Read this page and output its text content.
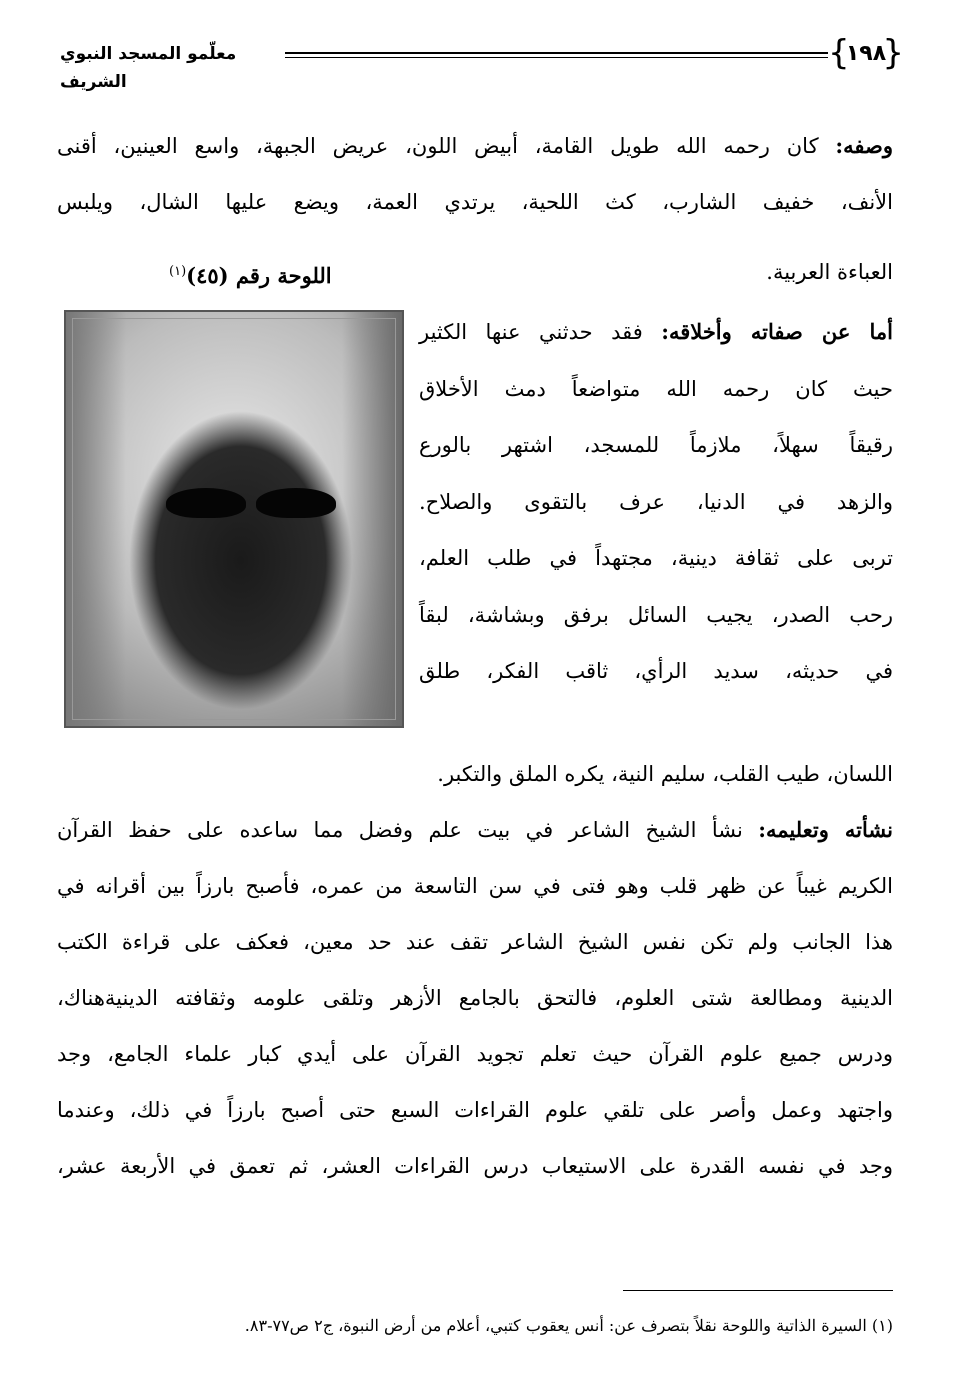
{
١٩٨
}
معلّمو المسجد النبوي الشريف
وصفه: كان رحمه الله طويل القامة، أبيض اللون، عريض الجبهة، واسع العينين، أقنى
الأنف، خفيف الشارب، كث اللحية، يرتدي العمة، ويضع عليها الشال، ويلبس
العباءة العربية.
اللوحة رقم (٤٥)$^{(١)}$
أما عن صفاته وأخلاقه: فقد حدثني عنها الكثير
حيث كان رحمه الله متواضعاً دمث الأخلاق
رقيقاً سهلاً، ملازماً للمسجد، اشتهر بالورع
والزهد في الدنيا، عرف بالتقوى والصلاح.
تربى على ثقافة دينية، مجتهداً في طلب العلم،
رحب الصدر، يجيب السائل برفق وبشاشة، لبقاً
في حديثه، سديد الرأي، ثاقب الفكر، طلق
اللسان، طيب القلب، سليم النية، يكره الملق والتكبر.
نشأته وتعليمه: نشأ الشيخ الشاعر في بيت علم وفضل مما ساعده على حفظ القرآن
الكريم غيباً عن ظهر قلب وهو فتى في سن التاسعة من عمره، فأصبح بارزاً بين أقرانه في
هذا الجانب ولم تكن نفس الشيخ الشاعر تقف عند حد معين، فعكف على قراءة الكتب
الدينية ومطالعة شتى العلوم، فالتحق بالجامع الأزهر وتلقى علومه وثقافته الدينيةهناك،
ودرس جميع علوم القرآن حيث تعلم تجويد القرآن على أيدي كبار علماء الجامع، وجد
واجتهد وعمل وأصر على تلقي علوم القراءات السبع حتى أصبح بارزاً في ذلك، وعندما
وجد في نفسه القدرة على الاستيعاب درس القراءات العشر، ثم تعمق في الأربعة عشر،
(١) السيرة الذاتية واللوحة نقلاً بتصرف عن: أنس يعقوب كتبي، أعلام من أرض النبوة، ج٢ ص٧٧-٨٣.
